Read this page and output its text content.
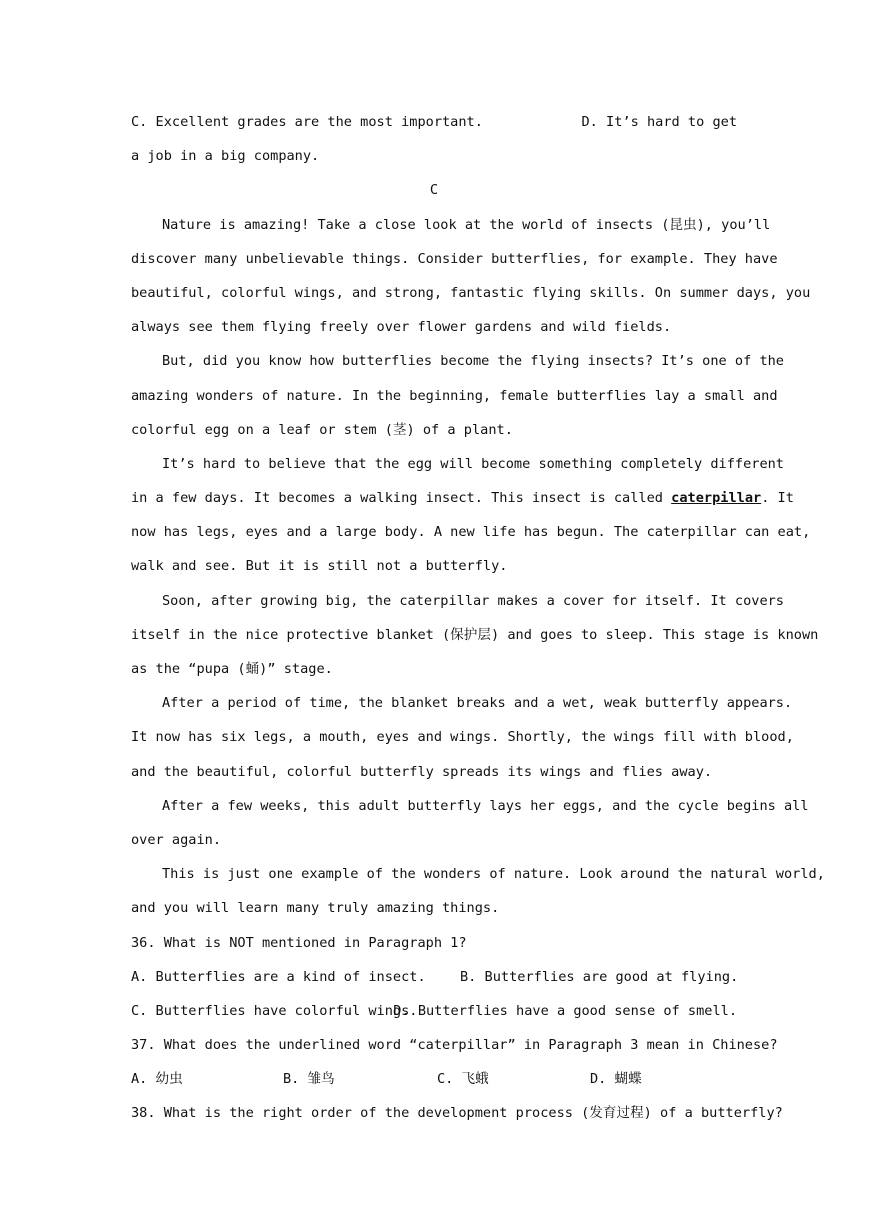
C. Excellent grades are the most important.	D. It’s hard to get
a job in a big company.
C
Nature is amazing! Take a close look at the world of insects (昆虫), you’ll
discover many unbelievable things. Consider butterflies, for example. They have
beautiful, colorful wings, and strong, fantastic flying skills. On summer days, you
always see them flying freely over flower gardens and wild fields.
But, did you know how butterflies become the flying insects? It’s one of the
amazing wonders of nature. In the beginning, female butterflies lay a small and
colorful egg on a leaf or stem (茎) of a plant.
It’s hard to believe that the egg will become something completely different
in a few days. It becomes a walking insect. This insect is called caterpillar. It
now has legs, eyes and a large body. A new life has begun. The caterpillar can eat,
walk and see. But it is still not a butterfly.
Soon, after growing big, the caterpillar makes a cover for itself. It covers
itself in the nice protective blanket (保护层) and goes to sleep. This stage is known
as the “pupa (蛹)” stage.
After a period of time, the blanket breaks and a wet, weak butterfly appears.
It now has six legs, a mouth, eyes and wings. Shortly, the wings fill with blood,
and the beautiful, colorful butterfly spreads its wings and flies away.
After a few weeks, this adult butterfly lays her eggs, and the cycle begins all
over again.
This is just one example of the wonders of nature. Look around the natural world,
and you will learn many truly amazing things.
36. What is NOT mentioned in Paragraph 1?
A. Butterflies are a kind of insect.	B. Butterflies are good at flying.
C. Butterflies have colorful wings.
D. Butterflies have a good sense of smell.
37. What does the underlined word “caterpillar” in Paragraph 3 mean in Chinese?
A. 幼虫	B. 雏鸟	C. 飞蛾	D. 蝴蝶
38. What is the right order of the development process (发育过程) of a butterfly?
